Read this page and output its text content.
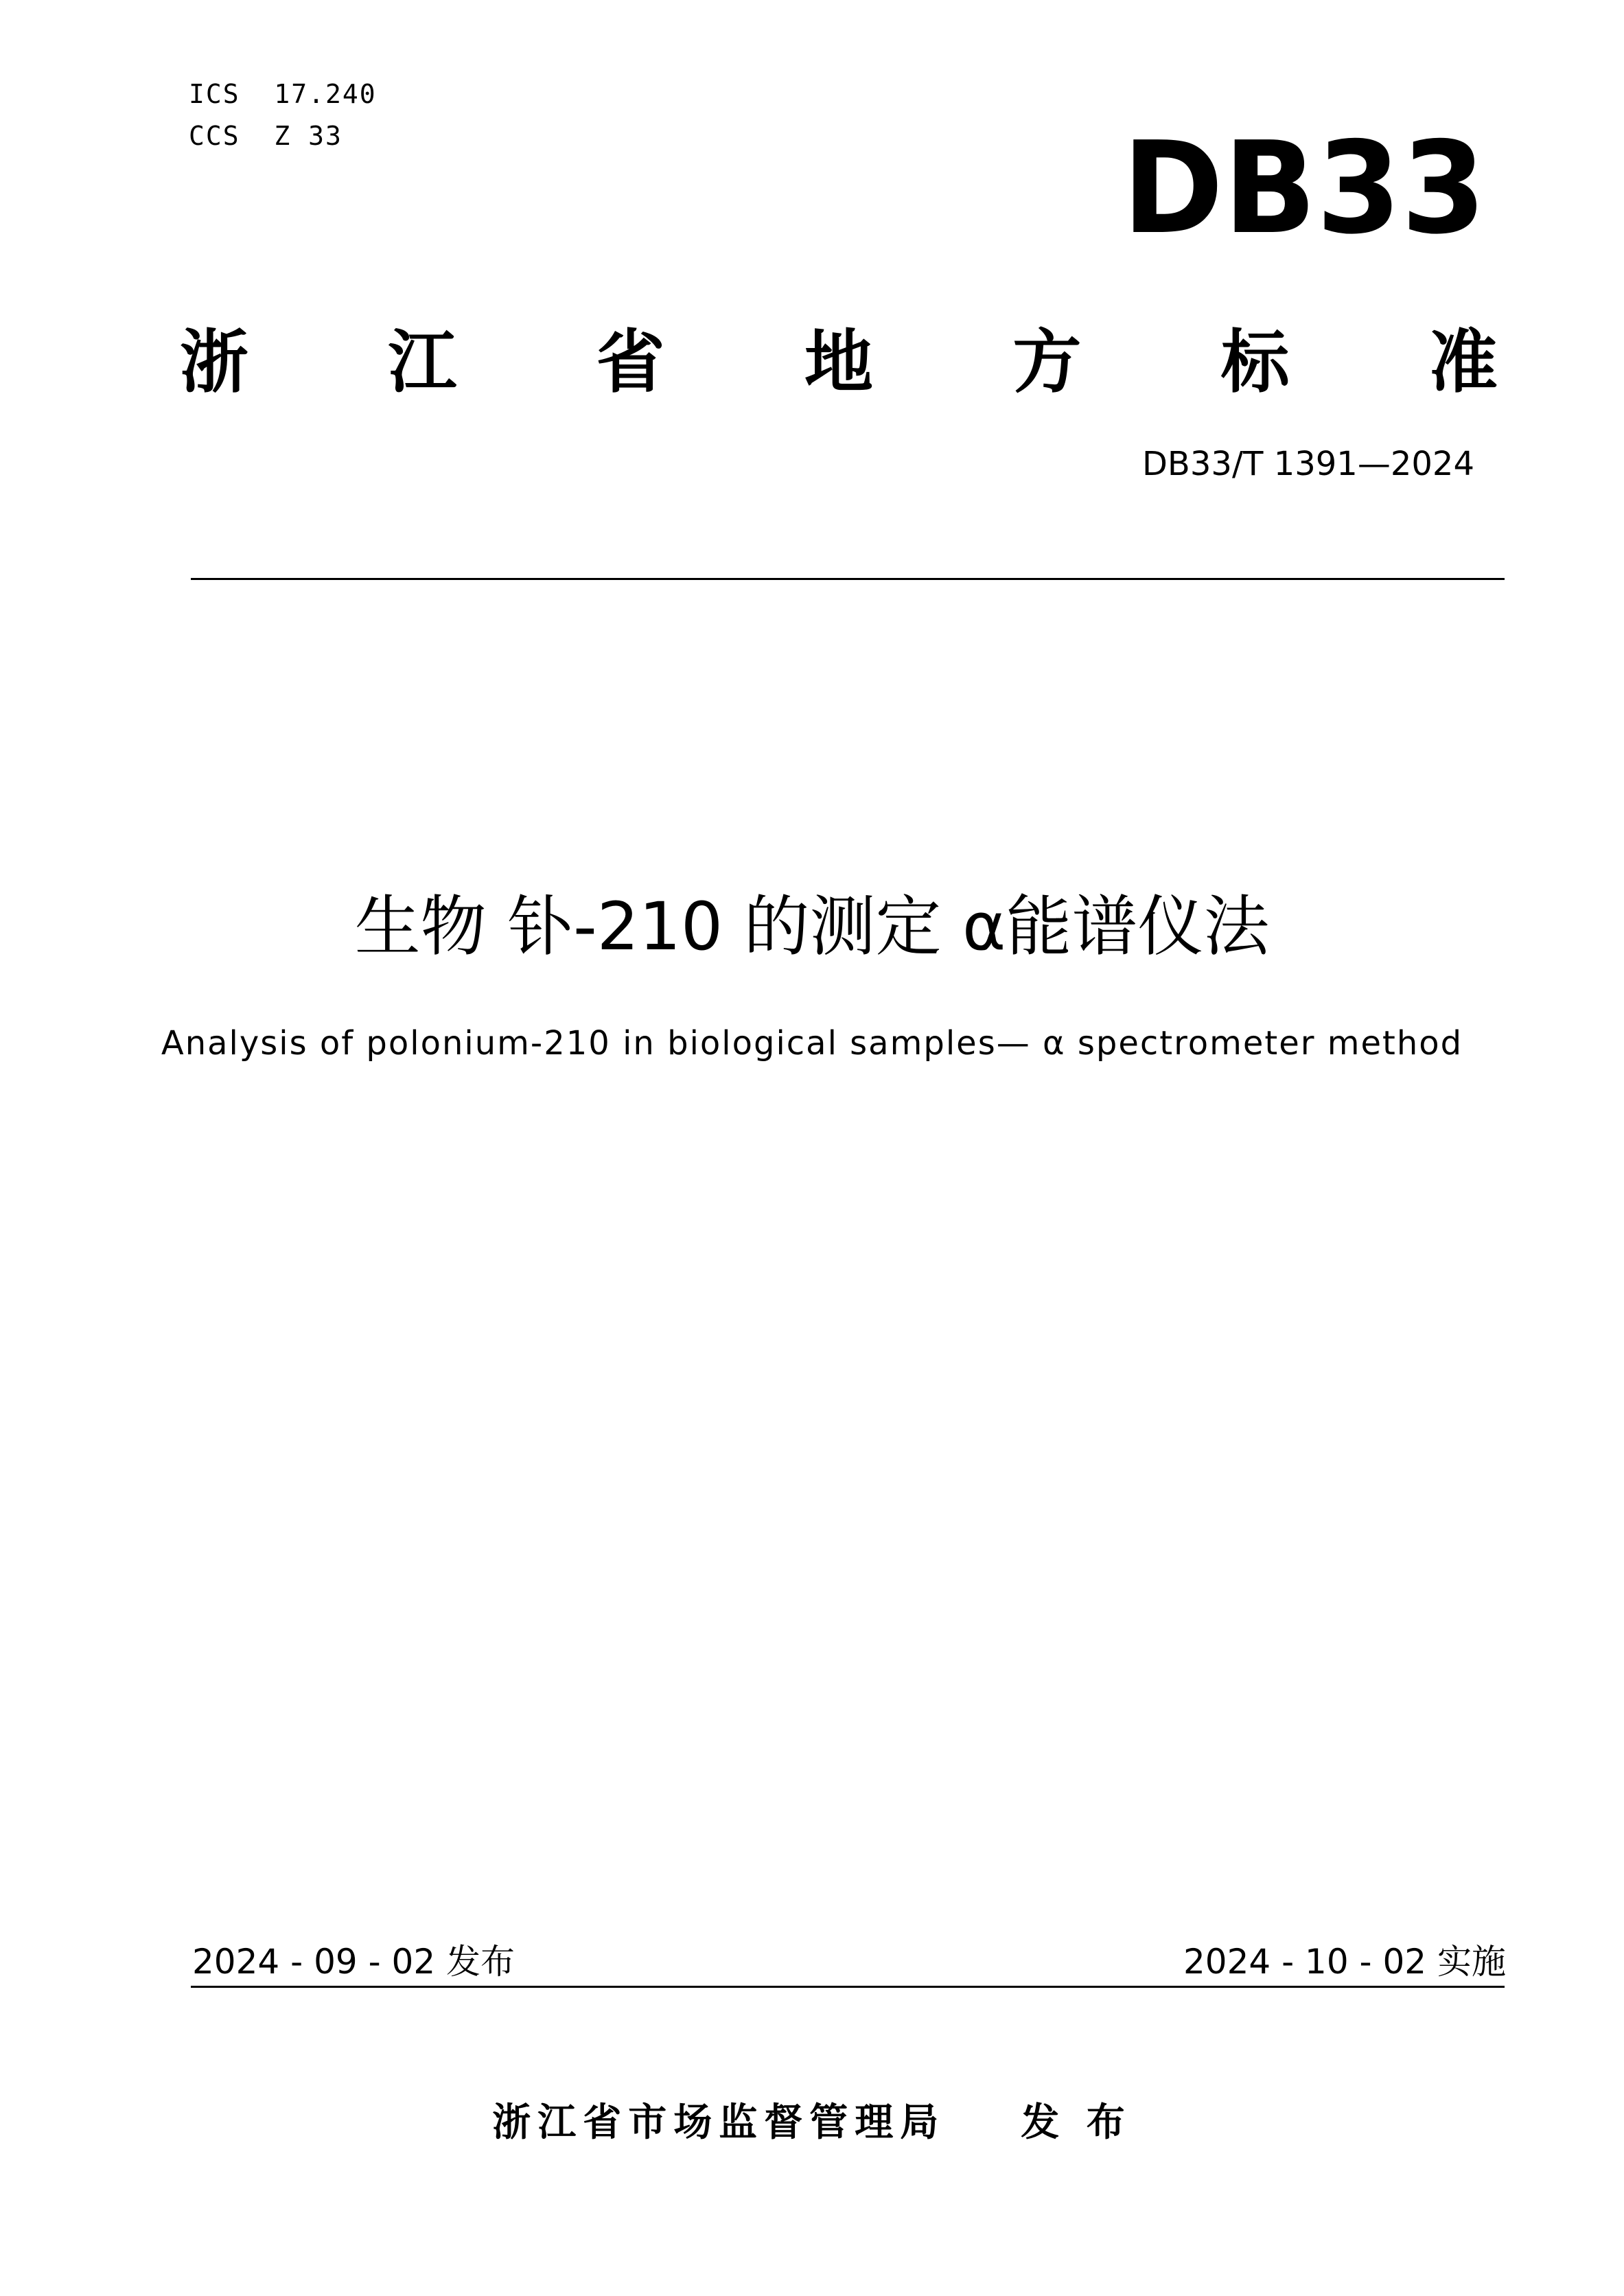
ICS  17.240
CCS  Z 33	DB33
浙 江 省 地 方 标 准
DB33/T 1391—2024
生物 钋-210 的测定 α能谱仪法
Analysis of polonium-210 in biological samples— α spectrometer method
2024 - 09 - 02 发布	2024 - 10 - 02 实施
浙江省市场监督管理局 发 布
